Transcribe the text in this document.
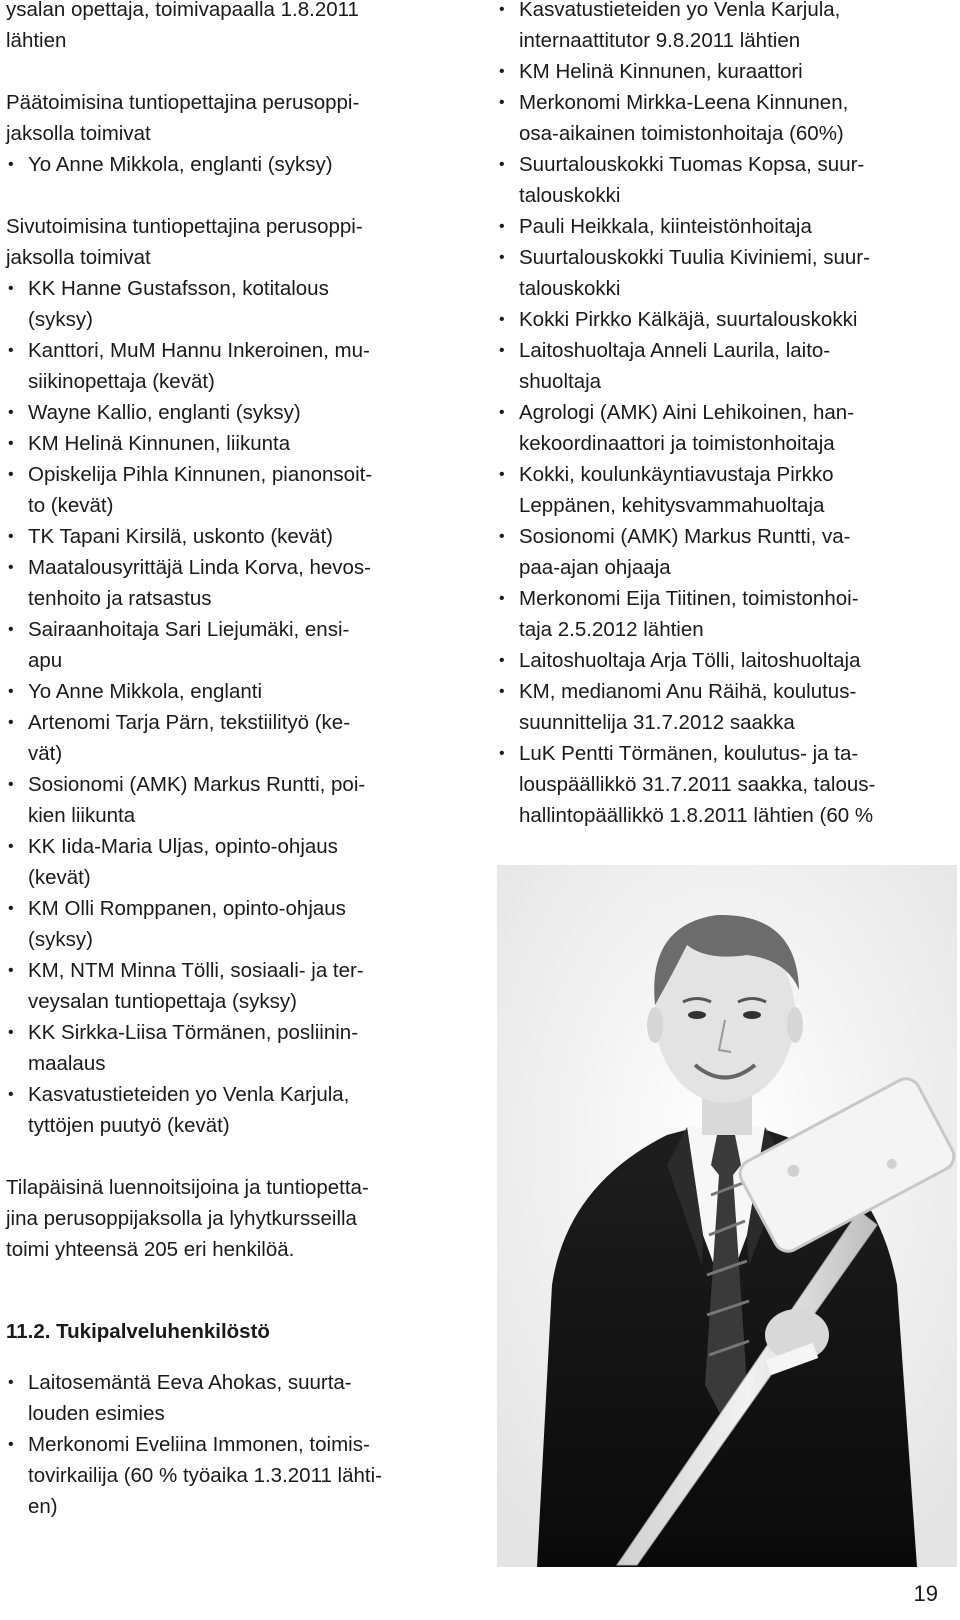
ysalan opettaja, toimivapaalla 1.8.2011

lähtien

Päätoimisina tuntiopettajina perusoppi-

jaksolla toimivat

• Yo Anne Mikkola, englanti (syksy)

Sivutoimisina tuntiopettajina perusoppi-

jaksolla toimivat

• KK Hanne Gustafsson, kotitalous
(syksy)
• Kanttori, MuM Hannu Inkeroinen, mu-
siikinopettaja (kevät)
• Wayne Kallio, englanti (syksy)
• KM Helinä Kinnunen, liikunta
• Opiskelija Pihla Kinnunen, pianonsoit-
to (kevät)
• TK Tapani Kirsilä, uskonto (kevät)
• Maatalousyrittäjä Linda Korva, hevos-
tenhoito ja ratsastus
• Sairaanhoitaja Sari Liejumäki, ensi-
apu
• Yo Anne Mikkola, englanti
• Artenomi Tarja Pärn, tekstiilityö (ke-
vät)
• Sosionomi (AMK) Markus Runtti, poi-
kien liikunta
• KK Iida-Maria Uljas, opinto-ohjaus
(kevät)
• KM Olli Romppanen, opinto-ohjaus
(syksy)
• KM, NTM Minna Tölli, sosiaali- ja ter-
veysalan tuntiopettaja (syksy)
• KK Sirkka-Liisa Törmänen, posliinin-
maalaus
• Kasvatustieteiden yo Venla Karjula,
tyttöjen puutyö (kevät)

Tilapäisinä luennoitsijoina ja tuntiopetta-

jina perusoppijaksolla ja lyhytkursseilla

toimi yhteensä 205 eri henkilöä.

11.2. Tukipalveluhenkilöstö

• Laitosemäntä Eeva Ahokas, suurta-
louden esimies
• Merkonomi Eveliina Immonen, toimis-
tovirkailija (60 % työaika 1.3.2011 lähti-
en)
• Kasvatustieteiden yo Venla Karjula,
internaattitutor 9.8.2011 lähtien
• KM Helinä Kinnunen, kuraattori
• Merkonomi Mirkka-Leena Kinnunen,
osa-aikainen toimistonhoitaja (60%)
• Suurtalouskokki Tuomas Kopsa, suur-
talouskokki
• Pauli Heikkala, kiinteistönhoitaja
• Suurtalouskokki Tuulia Kiviniemi, suur-
talouskokki
• Kokki Pirkko Kälkäjä, suurtalouskokki
• Laitoshuoltaja Anneli Laurila, laito-
shuoltaja
• Agrologi (AMK) Aini Lehikoinen, han-
kekoordinaattori ja toimistonhoitaja
• Kokki, koulunkäyntiavustaja Pirkko
Leppänen, kehitysvammahuoltaja
• Sosionomi (AMK) Markus Runtti, va-
paa-ajan ohjaaja
• Merkonomi Eija Tiitinen, toimistonhoi-
taja 2.5.2012 lähtien
• Laitoshuoltaja Arja Tölli, laitoshuoltaja
• KM, medianomi Anu Räihä, koulutus-
suunnittelija 31.7.2012 saakka
• LuK Pentti Törmänen, koulutus- ja ta-
louspäällikkö 31.7.2011 saakka, talous-
hallintopäällikkö 1.8.2011 lähtien (60 %
19
